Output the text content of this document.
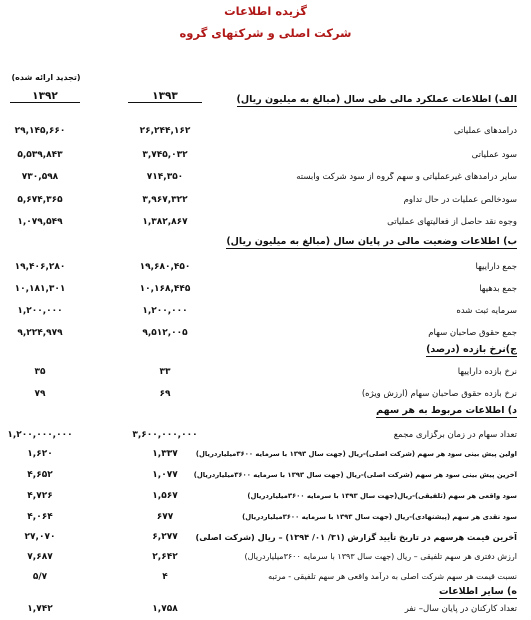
گزیده اطلاعات
شرکت اصلی و شرکتهای گروه
(تجدید ارائه شده)
۱۳۹۲	۱۳۹۳	الف) اطلاعات عملکرد مالی طی سال (مبالغ به میلیون ریال)
درآمدهای عملیاتی
۲۶,۲۴۴,۱۶۲
۲۹,۱۴۵,۶۶۰
سود عملیاتی
۳,۷۴۵,۰۳۲
۵,۵۳۹,۸۴۳
سایر درآمدهای غیرعملیاتی و سهم گروه از سود شرکت وابسته
۷۱۴,۳۵۰
۷۳۰,۵۹۸
سودخالص عملیات در حال تداوم
۳,۹۶۷,۳۲۲
۵,۶۷۴,۳۶۵
وجوه نقد حاصل از فعالیتهای عملیاتی
۱,۳۸۲,۸۶۷
۱,۰۷۹,۵۴۹
ب) اطلاعات وضعیت مالی در پایان سال (مبالغ به میلیون ریال)
جمع داراییها
۱۹,۶۸۰,۴۵۰
۱۹,۴۰۶,۲۸۰
جمع بدهیها
۱۰,۱۶۸,۴۴۵
۱۰,۱۸۱,۳۰۱
سرمایه ثبت شده
۱,۲۰۰,۰۰۰
۱,۲۰۰,۰۰۰
جمع حقوق صاحبان سهام
۹,۵۱۲,۰۰۵
۹,۲۲۴,۹۷۹
ج)نرخ بازده (درصد)
نرخ بازده داراییها
۳۳
۳۵
نرخ بازده حقوق صاحبان سهام (ارزش ویژه)
۶۹
۷۹
د) اطلاعات مربوط به هر سهم
تعداد سهام در زمان برگزاری مجمع
۳,۶۰۰,۰۰۰,۰۰۰
۱,۲۰۰,۰۰۰,۰۰۰
اولین پیش بینی سود هر سهم (شرکت اصلی)-ریال (جهت سال ۱۳۹۳ با سرمایه ۳۶۰۰میلیاردریال)
۱,۳۳۷
۱,۶۲۰
آخرین پیش بینی سود هر سهم (شرکت اصلی)-ریال (جهت سال ۱۳۹۳ با سرمایه ۳۶۰۰میلیاردریال)
۱,۰۷۷
۴,۶۵۲
سود واقعی هر سهم (تلفیقی)-ریال(جهت سال ۱۳۹۳ با سرمایه ۳۶۰۰میلیاردریال)
۱,۵۶۷
۴,۷۲۶
سود نقدی هر سهم (پیشنهادی)-ریال (جهت سال ۱۳۹۳ با سرمایه ۳۶۰۰میلیاردریال)
۶۷۷
۴,۰۶۴
آخرین قیمت هرسهم در تاریخ تأیید گزارش (۳۱/ ۰۱/ ۱۳۹۴) – ریال (شرکت اصلی)
۶,۲۷۷
۲۷,۰۷۰
ارزش دفتری هر سهم تلفیقی – ریال (جهت سال ۱۳۹۳ با سرمایه ۳۶۰۰میلیاردریال)
۲,۶۴۲
۷,۶۸۷
نسبت قیمت هر سهم شرکت اصلی به درآمد واقعی هر سهم تلفیقی - مرتبه
۴
۵/۷
ه) سایر اطلاعات
تعداد کارکنان در پایان سال– نفر
۱,۷۵۸
۱,۷۴۲
